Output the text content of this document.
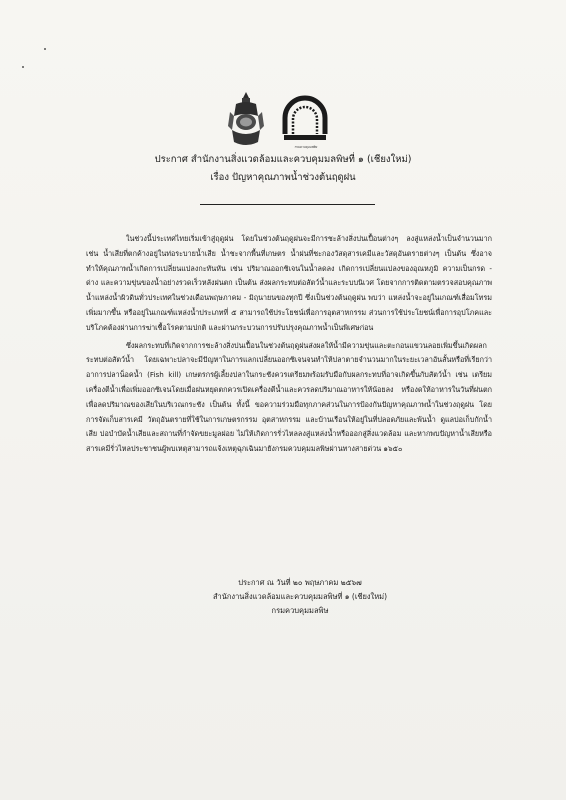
กรมควบคุมมลพิษ
ประกาศ สำนักงานสิ่งแวดล้อมและควบคุมมลพิษที่ ๑ (เชียงใหม่)
เรื่อง ปัญหาคุณภาพน้ำช่วงต้นฤดูฝน

ในช่วงนี้ประเทศไทยเริ่มเข้าสู่ฤดูฝน โดยในช่วงต้นฤดูฝนจะมีการชะล้างสิ่งปนเปื้อนต่างๆ ลงสู่แหล่งน้ำเป็นจำนวนมาก เช่น น้ำเสียที่ตกค้างอยู่ในท่อระบายน้ำเสีย น้ำชะจากพื้นที่เกษตร น้ำฝนที่ชะกองวัสดุสารเคมีและวัสดุอันตรายต่างๆ เป็นต้น ซึ่งอาจทำให้คุณภาพน้ำเกิดการเปลี่ยนแปลงกะทันหัน เช่น ปริมาณออกซิเจนในน้ำลดลง เกิดการเปลี่ยนแปลงของอุณหภูมิ ความเป็นกรด - ด่าง และความขุ่นของน้ำอย่างรวดเร็วหลังฝนตก เป็นต้น ส่งผลกระทบต่อสัตว์น้ำและระบบนิเวศ โดยจากการติดตามตรวจสอบคุณภาพน้ำแหล่งน้ำผิวดินทั่วประเทศในช่วงเดือนพฤษภาคม - มิถุนายนของทุกปี ซึ่งเป็นช่วงต้นฤดูฝน พบว่า แหล่งน้ำจะอยู่ในเกณฑ์เสื่อมโทรมเพิ่มมากขึ้น หรืออยู่ในเกณฑ์แหล่งน้ำประเภทที่ ๕ สามารถใช้ประโยชน์เพื่อการอุตสาหกรรม ส่วนการใช้ประโยชน์เพื่อการอุปโภคและบริโภคต้องผ่านการฆ่าเชื้อโรคตามปกติ และผ่านกระบวนการปรับปรุงคุณภาพน้ำเป็นพิเศษก่อน

ซึ่งผลกระทบที่เกิดจากการชะล้างสิ่งปนเปื้อนในช่วงต้นฤดูฝนส่งผลให้น้ำมีความขุ่นและตะกอนแขวนลอยเพิ่มขึ้นเกิดผลกระทบต่อสัตว์น้ำ โดยเฉพาะปลาจะมีปัญหาในการแลกเปลี่ยนออกซิเจนจนทำให้ปลาตายจำนวนมากในระยะเวลาอันสั้นหรือที่เรียกว่าอาการปลาน็อคน้ำ (Fish kill) เกษตรกรผู้เลี้ยงปลาในกระชังควรเตรียมพร้อมรับมือกับผลกระทบที่อาจเกิดขึ้นกับสัตว์น้ำ เช่น เตรียมเครื่องตีน้ำเพื่อเพิ่มออกซิเจนโดยเมื่อฝนหยุดตกควรเปิดเครื่องตีน้ำและควรลดปริมาณอาหารให้น้อยลง หรืองดให้อาหารในวันที่ฝนตกเพื่อลดปริมาณของเสียในบริเวณกระชัง เป็นต้น ทั้งนี้ ขอความร่วมมือทุกภาคส่วนในการป้องกันปัญหาคุณภาพน้ำในช่วงฤดูฝน โดยการจัดเก็บสารเคมี วัตถุอันตรายที่ใช้ในการเกษตรกรรม อุตสาหกรรม และบ้านเรือนให้อยู่ในที่ปลอดภัยและพ้นน้ำ ดูแลบ่อเก็บกักน้ำเสีย บ่อบำบัดน้ำเสียและสถานที่กำจัดขยะมูลฝอย ไม่ให้เกิดการรั่วไหลลงสู่แหล่งน้ำหรือออกสู่สิ่งแวดล้อม และหากพบปัญหาน้ำเสียหรือสารเคมีรั่วไหลประชาชนผู้พบเหตุสามารถแจ้งเหตุฉุกเฉินมายังกรมควบคุมมลพิษผ่านทางสายด่วน ๑๖๕๐

ประกาศ ณ วันที่ ๒๐ พฤษภาคม ๒๕๖๗
สำนักงานสิ่งแวดล้อมและควบคุมมลพิษที่ ๑ (เชียงใหม่)
กรมควบคุมมลพิษ
